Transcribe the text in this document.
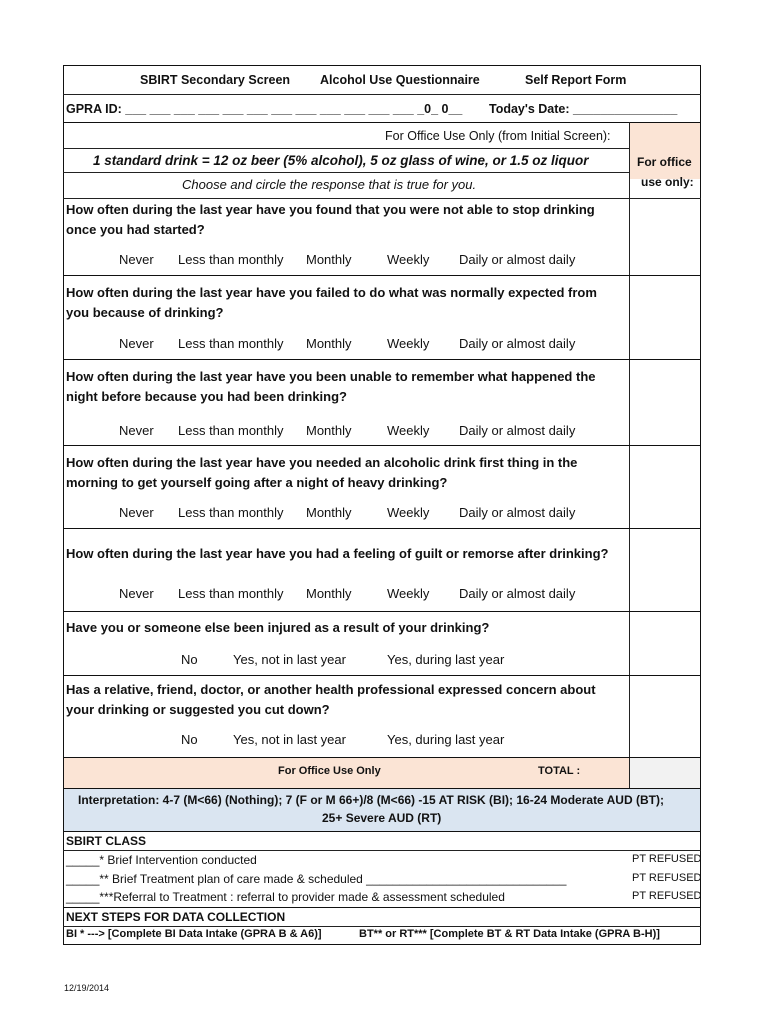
SBIRT Secondary Screen Alcohol Use Questionnaire	Self Report Form
GPRA ID: ___ ___ ___ ___ ___ ___ ___ ___ ___ ___ ___ ___ _0_ 0__ Today's Date: _______________
For Office Use Only (from Initial Screen):
1 standard drink = 12 oz beer (5% alcohol), 5 oz glass of wine, or 1.5 oz liquor
Choose and circle the response that is true for you.
For office
use only:
How often during the last year have you found that you were not able to stop drinking once you had started?
Never Less than monthly Monthly	Weekly Daily or almost daily
How often during the last year have you failed to do what was normally expected from you because of drinking?
Never Less than monthly Monthly	Weekly Daily or almost daily
How often during the last year have you been unable to remember what happened the night before because you had been drinking?
Never Less than monthly Monthly	Weekly Daily or almost daily
How often during the last year have you needed an alcoholic drink first thing in the morning to get yourself going after a night of heavy drinking?
Never Less than monthly Monthly	Weekly Daily or almost daily
How often during the last year have you had a feeling of guilt or remorse after drinking?
Never Less than monthly Monthly	Weekly Daily or almost daily
Have you or someone else been injured as a result of your drinking?
No	Yes, not in last year	Yes, during last year
Has a relative, friend, doctor, or another health professional expressed concern about your drinking or suggested you cut down?
No	Yes, not in last year	Yes, during last year
For Office Use Only	TOTAL :
Interpretation: 4-7 (M<66) (Nothing); 7 (F or M 66+)/8 (M<66) -15 AT RISK (BI); 16-24 Moderate AUD (BT);
25+ Severe AUD (RT)
SBIRT CLASS
_____* Brief Intervention conducted	PT REFUSED
_____** Brief Treatment plan of care made & scheduled ______________________________	PT REFUSED
_____***Referral to Treatment : referral to provider made & assessment scheduled	PT REFUSED
NEXT STEPS FOR DATA COLLECTION
BI * ---> [Complete BI Data Intake (GPRA B & A6)]	BT** or RT*** [Complete BT & RT Data Intake (GPRA B-H)]
12/19/2014
